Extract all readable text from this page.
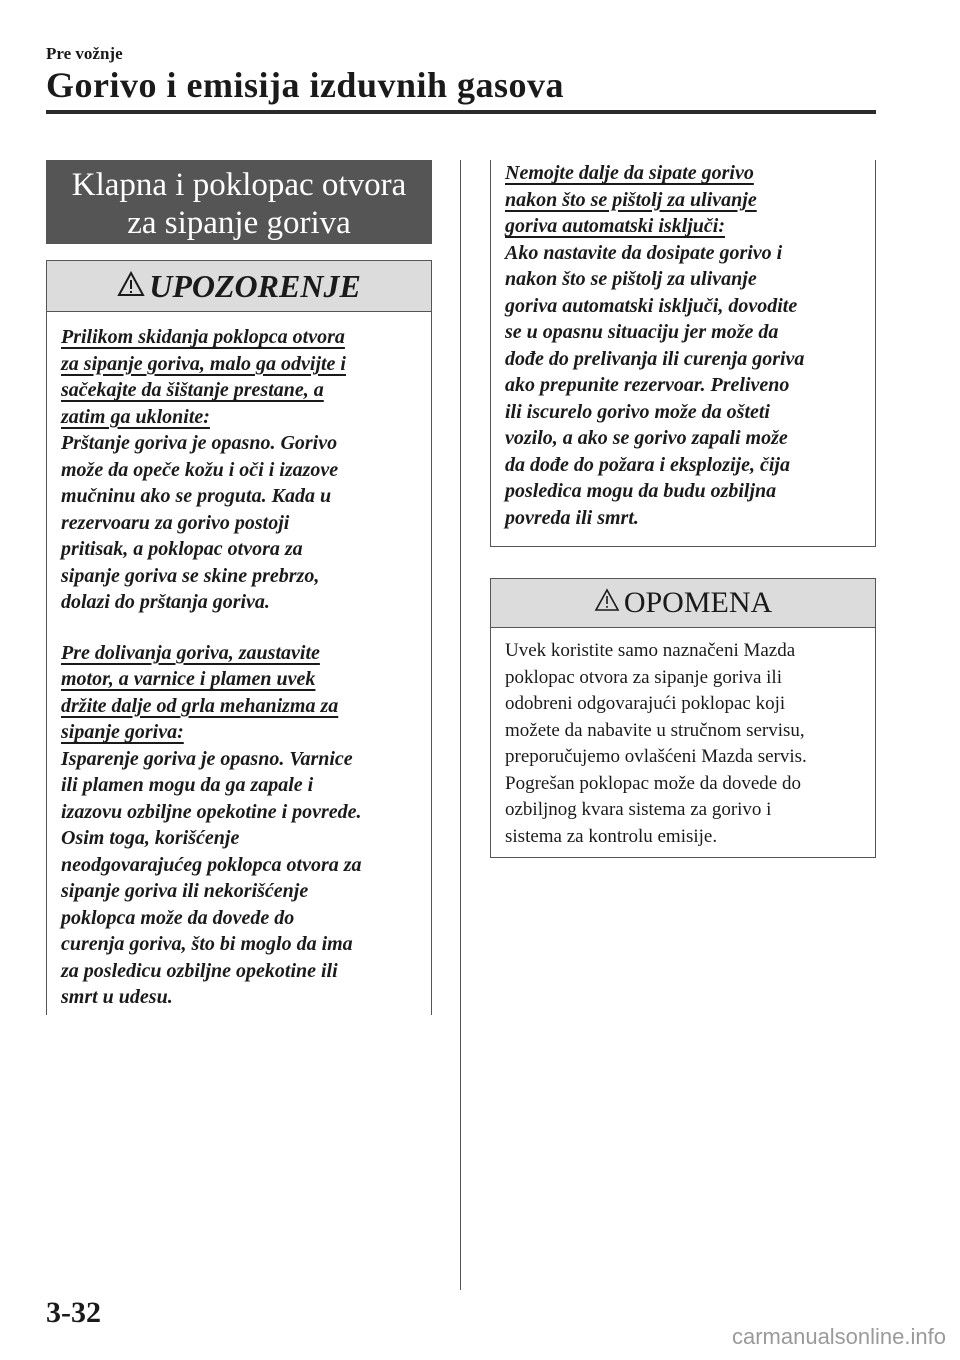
Pre vožnje
Gorivo i emisija izduvnih gasova
Klapna i poklopac otvora
za sipanje goriva
UPOZORENJE
Prilikom skidanja poklopca otvora
za sipanje goriva, malo ga odvijte i
sačekajte da šištanje prestane, a
zatim ga uklonite:
Prštanje goriva je opasno. Gorivo
može da opeče kožu i oči i izazove
mučninu ako se proguta. Kada u
rezervoaru za gorivo postoji
pritisak, a poklopac otvora za
sipanje goriva se skine prebrzo,
dolazi do prštanja goriva.
Pre dolivanja goriva, zaustavite
motor, a varnice i plamen uvek
držite dalje od grla mehanizma za
sipanje goriva:
Isparenje goriva je opasno. Varnice
ili plamen mogu da ga zapale i
izazovu ozbiljne opekotine i povrede.
Osim toga, korišćenje
neodgovarajućeg poklopca otvora za
sipanje goriva ili nekorišćenje
poklopca može da dovede do
curenja goriva, što bi moglo da ima
za posledicu ozbiljne opekotine ili
smrt u udesu.
Nemojte dalje da sipate gorivo
nakon što se pištolj za ulivanje
goriva automatski isključi:
Ako nastavite da dosipate gorivo i
nakon što se pištolj za ulivanje
goriva automatski isključi, dovodite
se u opasnu situaciju jer može da
dođe do prelivanja ili curenja goriva
ako prepunite rezervoar. Preliveno
ili iscurelo gorivo može da ošteti
vozilo, a ako se gorivo zapali može
da dođe do požara i eksplozije, čija
posledica mogu da budu ozbiljna
povreda ili smrt.
OPOMENA
Uvek koristite samo naznačeni Mazda
poklopac otvora za sipanje goriva ili
odobreni odgovarajući poklopac koji
možete da nabavite u stručnom servisu,
preporučujemo ovlašćeni Mazda servis.
Pogrešan poklopac može da dovede do
ozbiljnog kvara sistema za gorivo i
sistema za kontrolu emisije.
3-32
carmanualsonline.info
